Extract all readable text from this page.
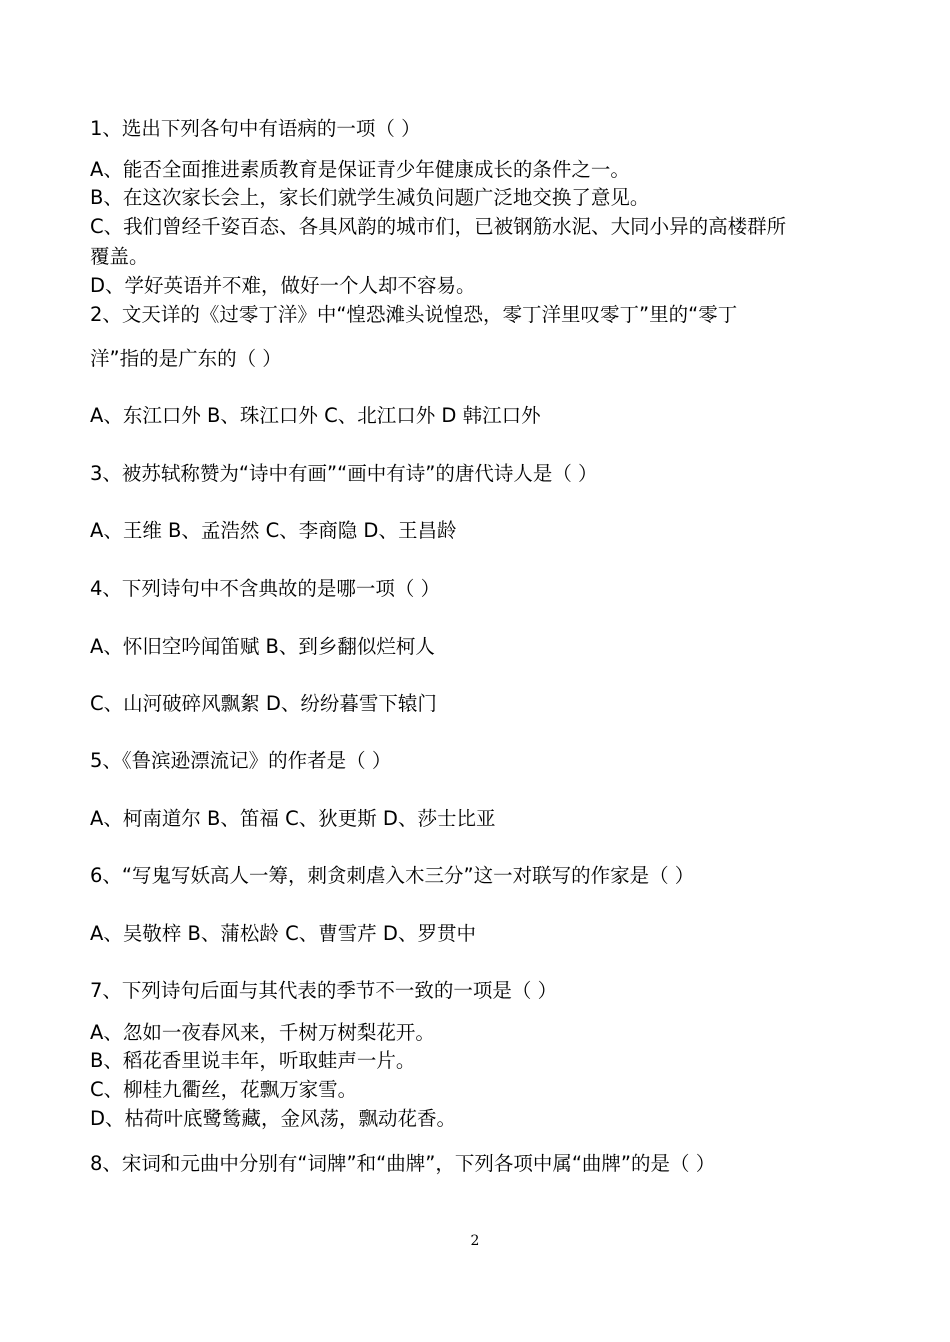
1、选出下列各句中有语病的一项（ ）
A、能否全面推进素质教育是保证青少年健康成长的条件之一。
B、在这次家长会上，家长们就学生减负问题广泛地交换了意见。
C、我们曾经千姿百态、各具风韵的城市们，已被钢筋水泥、大同小异的高楼群所
覆盖。
D、学好英语并不难，做好一个人却不容易。
2、文天详的《过零丁洋》中“惶恐滩头说惶恐，零丁洋里叹零丁”里的“零丁
洋”指的是广东的（ ）
A、东江口外 B、珠江口外 C、北江口外 D 韩江口外
3、被苏轼称赞为“诗中有画”“画中有诗”的唐代诗人是（ ）
A、王维 B、孟浩然 C、李商隐 D、王昌龄
4、下列诗句中不含典故的是哪一项（ ）
A、怀旧空吟闻笛赋 B、到乡翻似烂柯人
C、山河破碎风飘絮 D、纷纷暮雪下辕门
5、《鲁滨逊漂流记》的作者是（ ）
A、柯南道尔 B、笛福 C、狄更斯 D、莎士比亚
6、“写鬼写妖高人一筹，刺贪刺虐入木三分”这一对联写的作家是（ ）
A、吴敬梓 B、蒲松龄 C、曹雪芹 D、罗贯中
7、下列诗句后面与其代表的季节不一致的一项是（ ）
A、忽如一夜春风来，千树万树梨花开。
B、稻花香里说丰年，听取蛙声一片。
C、柳桂九衢丝，花飘万家雪。
D、枯荷叶底鹭鸶藏，金风荡，飘动花香。
8、宋词和元曲中分别有“词牌”和“曲牌”，下列各项中属“曲牌”的是（ ）
2
